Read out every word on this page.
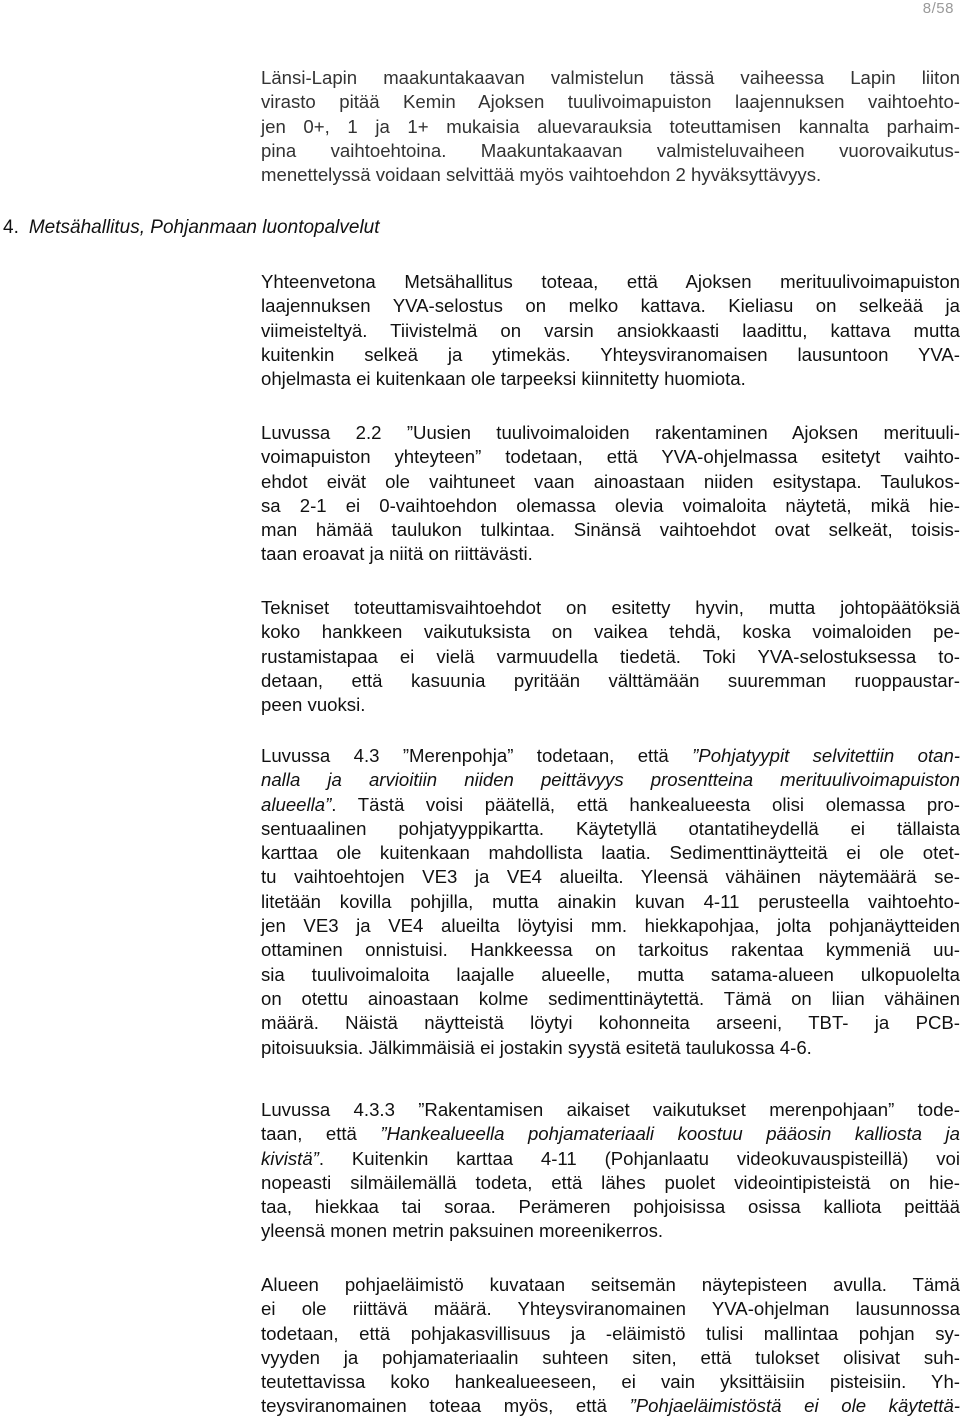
8/58
4. Metsähallitus, Pohjanmaan luontopalvelut

Länsi-Lapin maakuntakaavan valmistelun tässä vaiheessa Lapin liiton
virasto pitää Kemin Ajoksen tuulivoimapuiston laajennuksen vaihtoehto-
jen 0+, 1 ja 1+ mukaisia aluevarauksia toteuttamisen kannalta parhaim-
pina vaihtoehtoina. Maakuntakaavan valmisteluvaiheen vuorovaikutus-
menettelyssä voidaan selvittää myös vaihtoehdon 2 hyväksyttävyys.

Yhteenvetona Metsähallitus toteaa, että Ajoksen merituulivoimapuiston
laajennuksen YVA-selostus on melko kattava. Kieliasu on selkeää ja
viimeisteltyä. Tiivistelmä on varsin ansiokkaasti laadittu, kattava mutta
kuitenkin selkeä ja ytimekäs. Yhteysviranomaisen lausuntoon YVA-
ohjelmasta ei kuitenkaan ole tarpeeksi kiinnitetty huomiota.

Luvussa 2.2 ”Uusien tuulivoimaloiden rakentaminen Ajoksen merituuli-
voimapuiston yhteyteen” todetaan, että YVA-ohjelmassa esitetyt vaihto-
ehdot eivät ole vaihtuneet vaan ainoastaan niiden esitystapa. Taulukos-
sa 2-1 ei 0-vaihtoehdon olemassa olevia voimaloita näytetä, mikä hie-
man hämää taulukon tulkintaa. Sinänsä vaihtoehdot ovat selkeät, toisis-
taan eroavat ja niitä on riittävästi.

Tekniset toteuttamisvaihtoehdot on esitetty hyvin, mutta johtopäätöksiä
koko hankkeen vaikutuksista on vaikea tehdä, koska voimaloiden pe-
rustamistapaa ei vielä varmuudella tiedetä. Toki YVA-selostuksessa to-
detaan, että kasuunia pyritään välttämään suuremman ruoppaustar-
peen vuoksi.

Luvussa 4.3 ”Merenpohja” todetaan, että ”Pohjatyypit selvitettiin otan-
nalla ja arvioitiin niiden peittävyys prosentteina merituulivoimapuiston
alueella”. Tästä voisi päätellä, että hankealueesta olisi olemassa pro-
sentuaalinen pohjatyyppikartta. Käytetyllä otantatiheydellä ei tällaista
karttaa ole kuitenkaan mahdollista laatia. Sedimenttinäytteitä ei ole otet-
tu vaihtoehtojen VE3 ja VE4 alueilta. Yleensä vähäinen näytemäärä se-
litetään kovilla pohjilla, mutta ainakin kuvan 4-11 perusteella vaihtoehto-
jen VE3 ja VE4 alueilta löytyisi mm. hiekkapohjaa, jolta pohjanäytteiden
ottaminen onnistuisi. Hankkeessa on tarkoitus rakentaa kymmeniä uu-
sia tuulivoimaloita laajalle alueelle, mutta satama-alueen ulkopuolelta
on otettu ainoastaan kolme sedimenttinäytettä. Tämä on liian vähäinen
määrä. Näistä näytteistä löytyi kohonneita arseeni, TBT- ja PCB-
pitoisuuksia. Jälkimmäisiä ei jostakin syystä esitetä taulukossa 4-6.

Luvussa 4.3.3 ”Rakentamisen aikaiset vaikutukset merenpohjaan” tode-
taan, että ”Hankealueella pohjamateriaali koostuu pääosin kalliosta ja
kivistä”. Kuitenkin karttaa 4-11 (Pohjanlaatu videokuvauspisteillä) voi
nopeasti silmäilemällä todeta, että lähes puolet videointipisteistä on hie-
taa, hiekkaa tai soraa. Perämeren pohjoisissa osissa kalliota peittää
yleensä monen metrin paksuinen moreenikerros.

Alueen pohjaeläimistö kuvataan seitsemän näytepisteen avulla. Tämä
ei ole riittävä määrä. Yhteysviranomainen YVA-ohjelman lausunnossa
todetaan, että pohjakasvillisuus ja -eläimistö tulisi mallintaa pohjan sy-
vyyden ja pohjamateriaalin suhteen siten, että tulokset olisivat suh-
teutettavissa koko hankealueeseen, ei vain yksittäisiin pisteisiin. Yh-
teysviranomainen toteaa myös, että ”Pohjaeläimistöstä ei ole käytettä-
